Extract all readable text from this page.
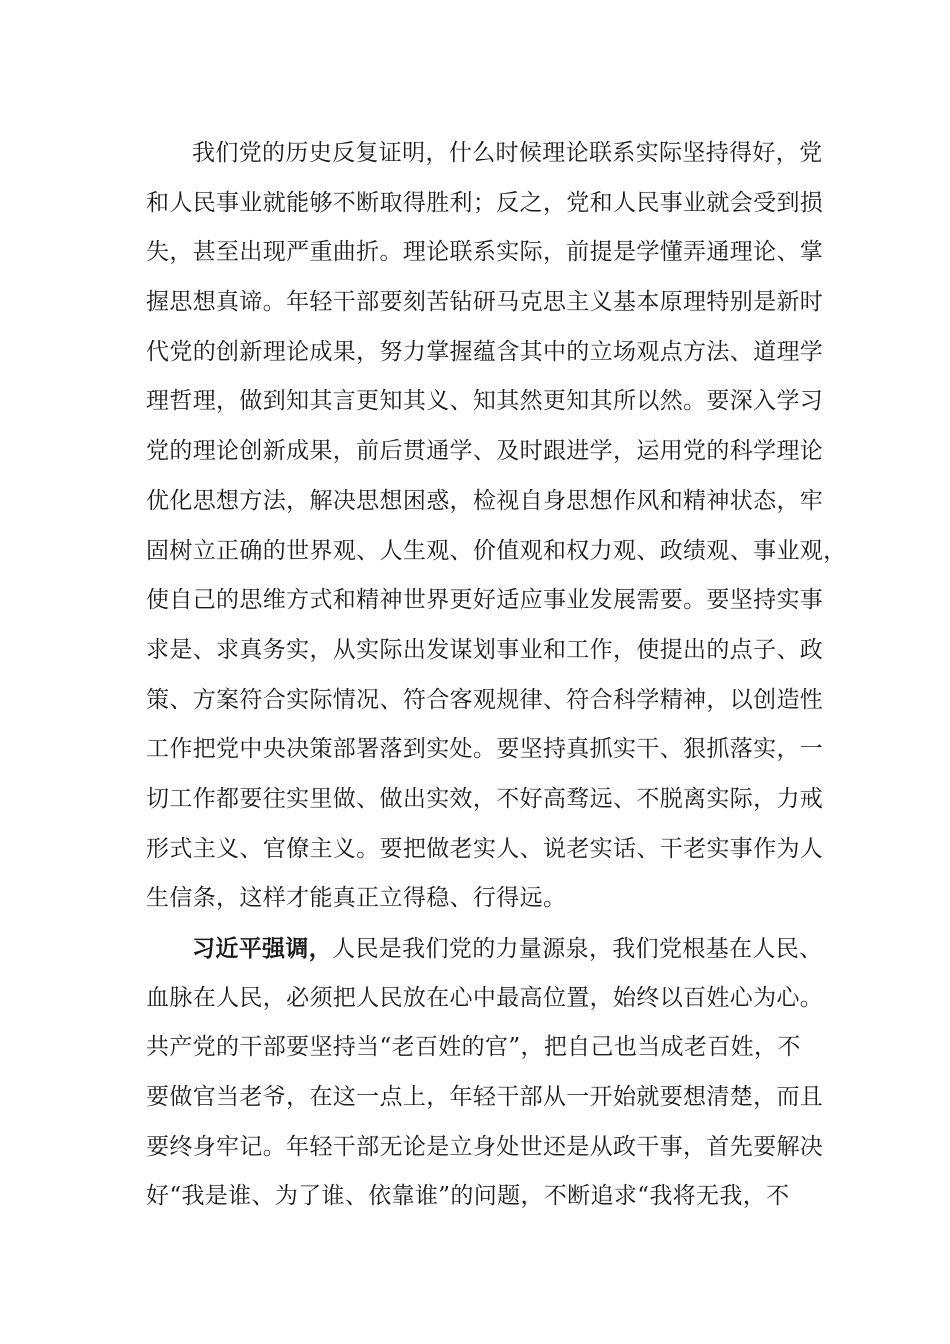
我们党的历史反复证明，什么时候理论联系实际坚持得好，党
和人民事业就能够不断取得胜利；反之，党和人民事业就会受到损
失，甚至出现严重曲折。理论联系实际，前提是学懂弄通理论、掌
握思想真谛。年轻干部要刻苦钻研马克思主义基本原理特别是新时
代党的创新理论成果，努力掌握蕴含其中的立场观点方法、道理学
理哲理，做到知其言更知其义、知其然更知其所以然。要深入学习
党的理论创新成果，前后贯通学、及时跟进学，运用党的科学理论
优化思想方法，解决思想困惑，检视自身思想作风和精神状态，牢
固树立正确的世界观、人生观、价值观和权力观、政绩观、事业观，
使自己的思维方式和精神世界更好适应事业发展需要。要坚持实事
求是、求真务实，从实际出发谋划事业和工作，使提出的点子、政
策、方案符合实际情况、符合客观规律、符合科学精神，以创造性
工作把党中央决策部署落到实处。要坚持真抓实干、狠抓落实，一
切工作都要往实里做、做出实效，不好高骛远、不脱离实际，力戒
形式主义、官僚主义。要把做老实人、说老实话、干老实事作为人
生信条，这样才能真正立得稳、行得远。
习近平强调，人民是我们党的力量源泉，我们党根基在人民、
血脉在人民，必须把人民放在心中最高位置，始终以百姓心为心。
共产党的干部要坚持当“老百姓的官”，把自己也当成老百姓，不
要做官当老爷，在这一点上，年轻干部从一开始就要想清楚，而且
要终身牢记。年轻干部无论是立身处世还是从政干事，首先要解决
好“我是谁、为了谁、依靠谁”的问题，不断追求“我将无我，不
